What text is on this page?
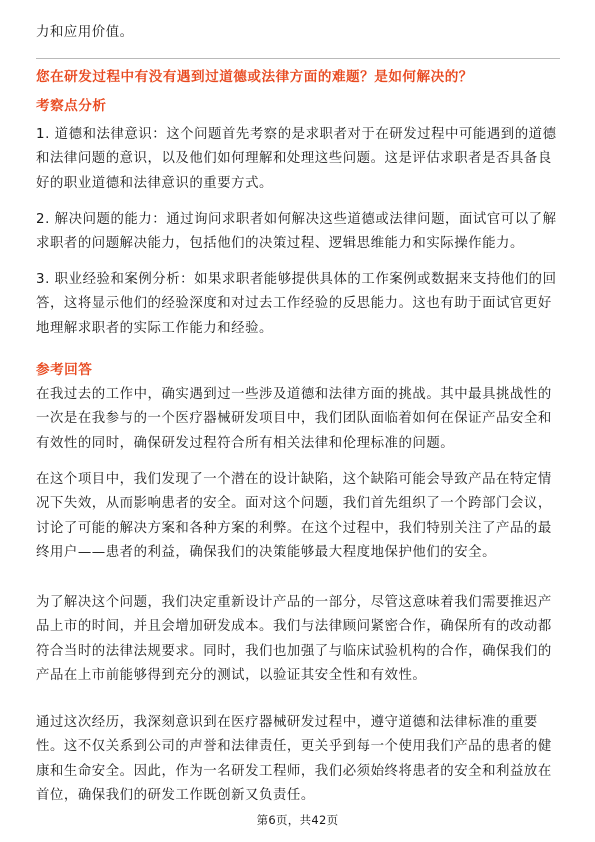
力和应用价值。

您在研发过程中有没有遇到过道德或法律方面的难题？是如何解决的？
考察点分析

1. 道德和法律意识：这个问题首先考察的是求职者对于在研发过程中可能遇到的道德和法律问题的意识，以及他们如何理解和处理这些问题。这是评估求职者是否具备良好的职业道德和法律意识的重要方式。

2. 解决问题的能力：通过询问求职者如何解决这些道德或法律问题，面试官可以了解求职者的问题解决能力，包括他们的决策过程、逻辑思维能力和实际操作能力。

3. 职业经验和案例分析：如果求职者能够提供具体的工作案例或数据来支持他们的回答，这将显示他们的经验深度和对过去工作经验的反思能力。这也有助于面试官更好地理解求职者的实际工作能力和经验。

参考回答

在我过去的工作中，确实遇到过一些涉及道德和法律方面的挑战。其中最具挑战性的一次是在我参与的一个医疗器械研发项目中，我们团队面临着如何在保证产品安全和有效性的同时，确保研发过程符合所有相关法律和伦理标准的问题。

在这个项目中，我们发现了一个潜在的设计缺陷，这个缺陷可能会导致产品在特定情况下失效，从而影响患者的安全。面对这个问题，我们首先组织了一个跨部门会议，讨论了可能的解决方案和各种方案的利弊。在这个过程中，我们特别关注了产品的最终用户——患者的利益，确保我们的决策能够最大程度地保护他们的安全。

为了解决这个问题，我们决定重新设计产品的一部分，尽管这意味着我们需要推迟产品上市的时间，并且会增加研发成本。我们与法律顾问紧密合作，确保所有的改动都符合当时的法律法规要求。同时，我们也加强了与临床试验机构的合作，确保我们的产品在上市前能够得到充分的测试，以验证其安全性和有效性。

通过这次经历，我深刻意识到在医疗器械研发过程中，遵守道德和法律标准的重要性。这不仅关系到公司的声誉和法律责任，更关乎到每一个使用我们产品的患者的健康和生命安全。因此，作为一名研发工程师，我们必须始终将患者的安全和利益放在首位，确保我们的研发工作既创新又负责任。

第6页，共42页
